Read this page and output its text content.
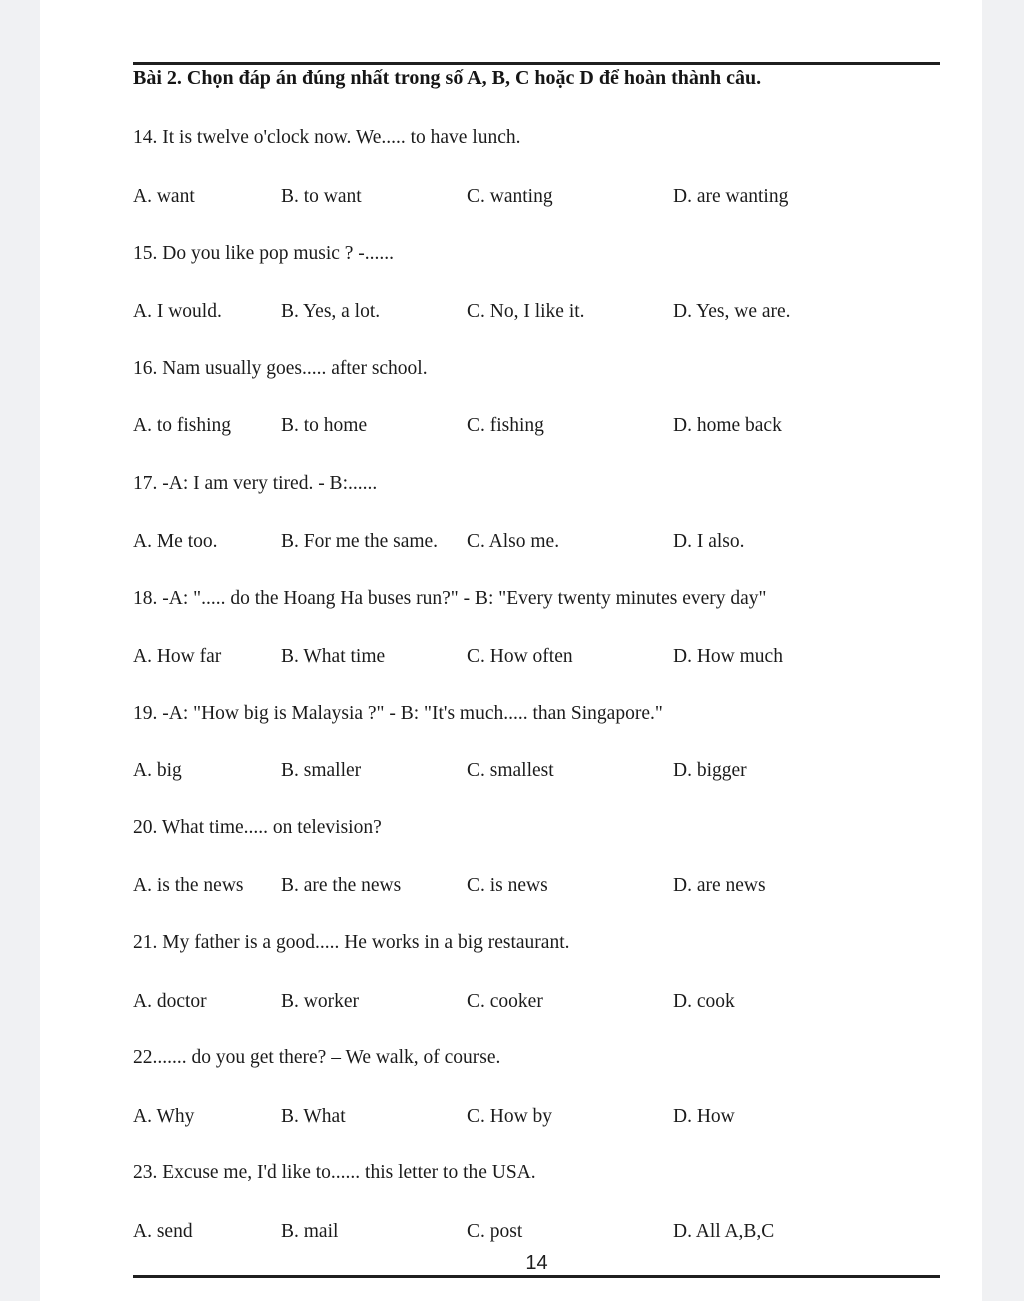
Bài 2. Chọn đáp án đúng nhất trong số A, B, C hoặc D để hoàn thành câu.
14. It is twelve o'clock now. We..... to have lunch.
A. want	B. to want	C. wanting	D. are wanting
15. Do you like pop music ? -......
A. I would.	B. Yes, a lot.	C. No, I like it.	D. Yes, we are.
16. Nam usually goes..... after school.
A. to fishing	B. to home	C. fishing	D. home back
17. -A: I am very tired. - B:......
A. Me too.	B. For me the same.	C. Also me.	D. I also.
18. -A: "..... do the Hoang Ha buses run?" - B: "Every twenty minutes every day"
A. How far	B. What time	C. How often	D. How much
19. -A: "How big is Malaysia ?" - B: "It's much..... than Singapore."
A. big	B. smaller	C. smallest	D. bigger
20. What time..... on television?
A. is the news	B. are the news	C. is news	D. are news
21. My father is a good..... He works in a big restaurant.
A. doctor	B. worker	C. cooker	D. cook
22....... do you get there? – We walk, of course.
A. Why	B. What	C. How by	D. How
23. Excuse me, I'd like to...... this letter to the USA.
A. send	B. mail	C. post	D. All A,B,C
14
